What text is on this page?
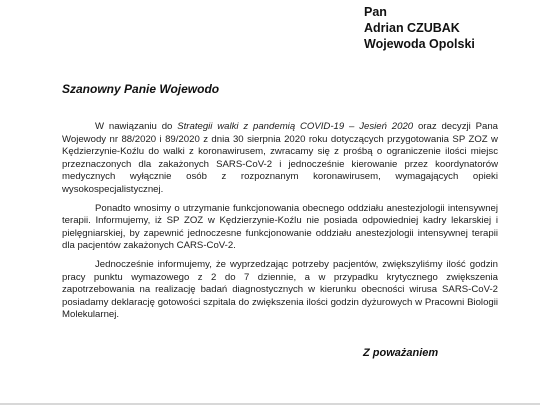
Pan
Adrian CZUBAK
Wojewoda Opolski
Szanowny Panie Wojewodo

W nawiązaniu do Strategii walki z pandemią COVID-19 – Jesień 2020 oraz decyzji Pana Wojewody nr 88/2020 i 89/2020 z dnia 30 sierpnia 2020 roku dotyczących przygotowania SP ZOZ w Kędzierzynie-Koźlu do walki z koronawirusem, zwracamy się z prośbą o ograniczenie ilości miejsc przeznaczonych dla zakażonych SARS-CoV-2 i jednocześnie kierowanie przez koordynatorów medycznych wyłącznie osób z rozpoznanym koronawirusem, wymagających opieki wysokospecjalistycznej.

Ponadto wnosimy o utrzymanie funkcjonowania obecnego oddziału anestezjologii intensywnej terapii. Informujemy, iż SP ZOZ w Kędzierzynie-Koźlu nie posiada odpowiedniej kadry lekarskiej i pielęgniarskiej, by zapewnić jednoczesne funkcjonowanie oddziału anestezjologii intensywnej terapii dla pacjentów zakażonych CARS-CoV-2.

Jednocześnie informujemy, że wyprzedzając potrzeby pacjentów, zwiększyliśmy ilość godzin pracy punktu wymazowego z 2 do 7 dziennie, a w przypadku krytycznego zwiększenia zapotrzebowania na realizację badań diagnostycznych w kierunku obecności wirusa SARS-CoV-2 posiadamy deklarację gotowości szpitala do zwiększenia ilości godzin dyżurowych w Pracowni Biologii Molekularnej.

Z poważaniem
